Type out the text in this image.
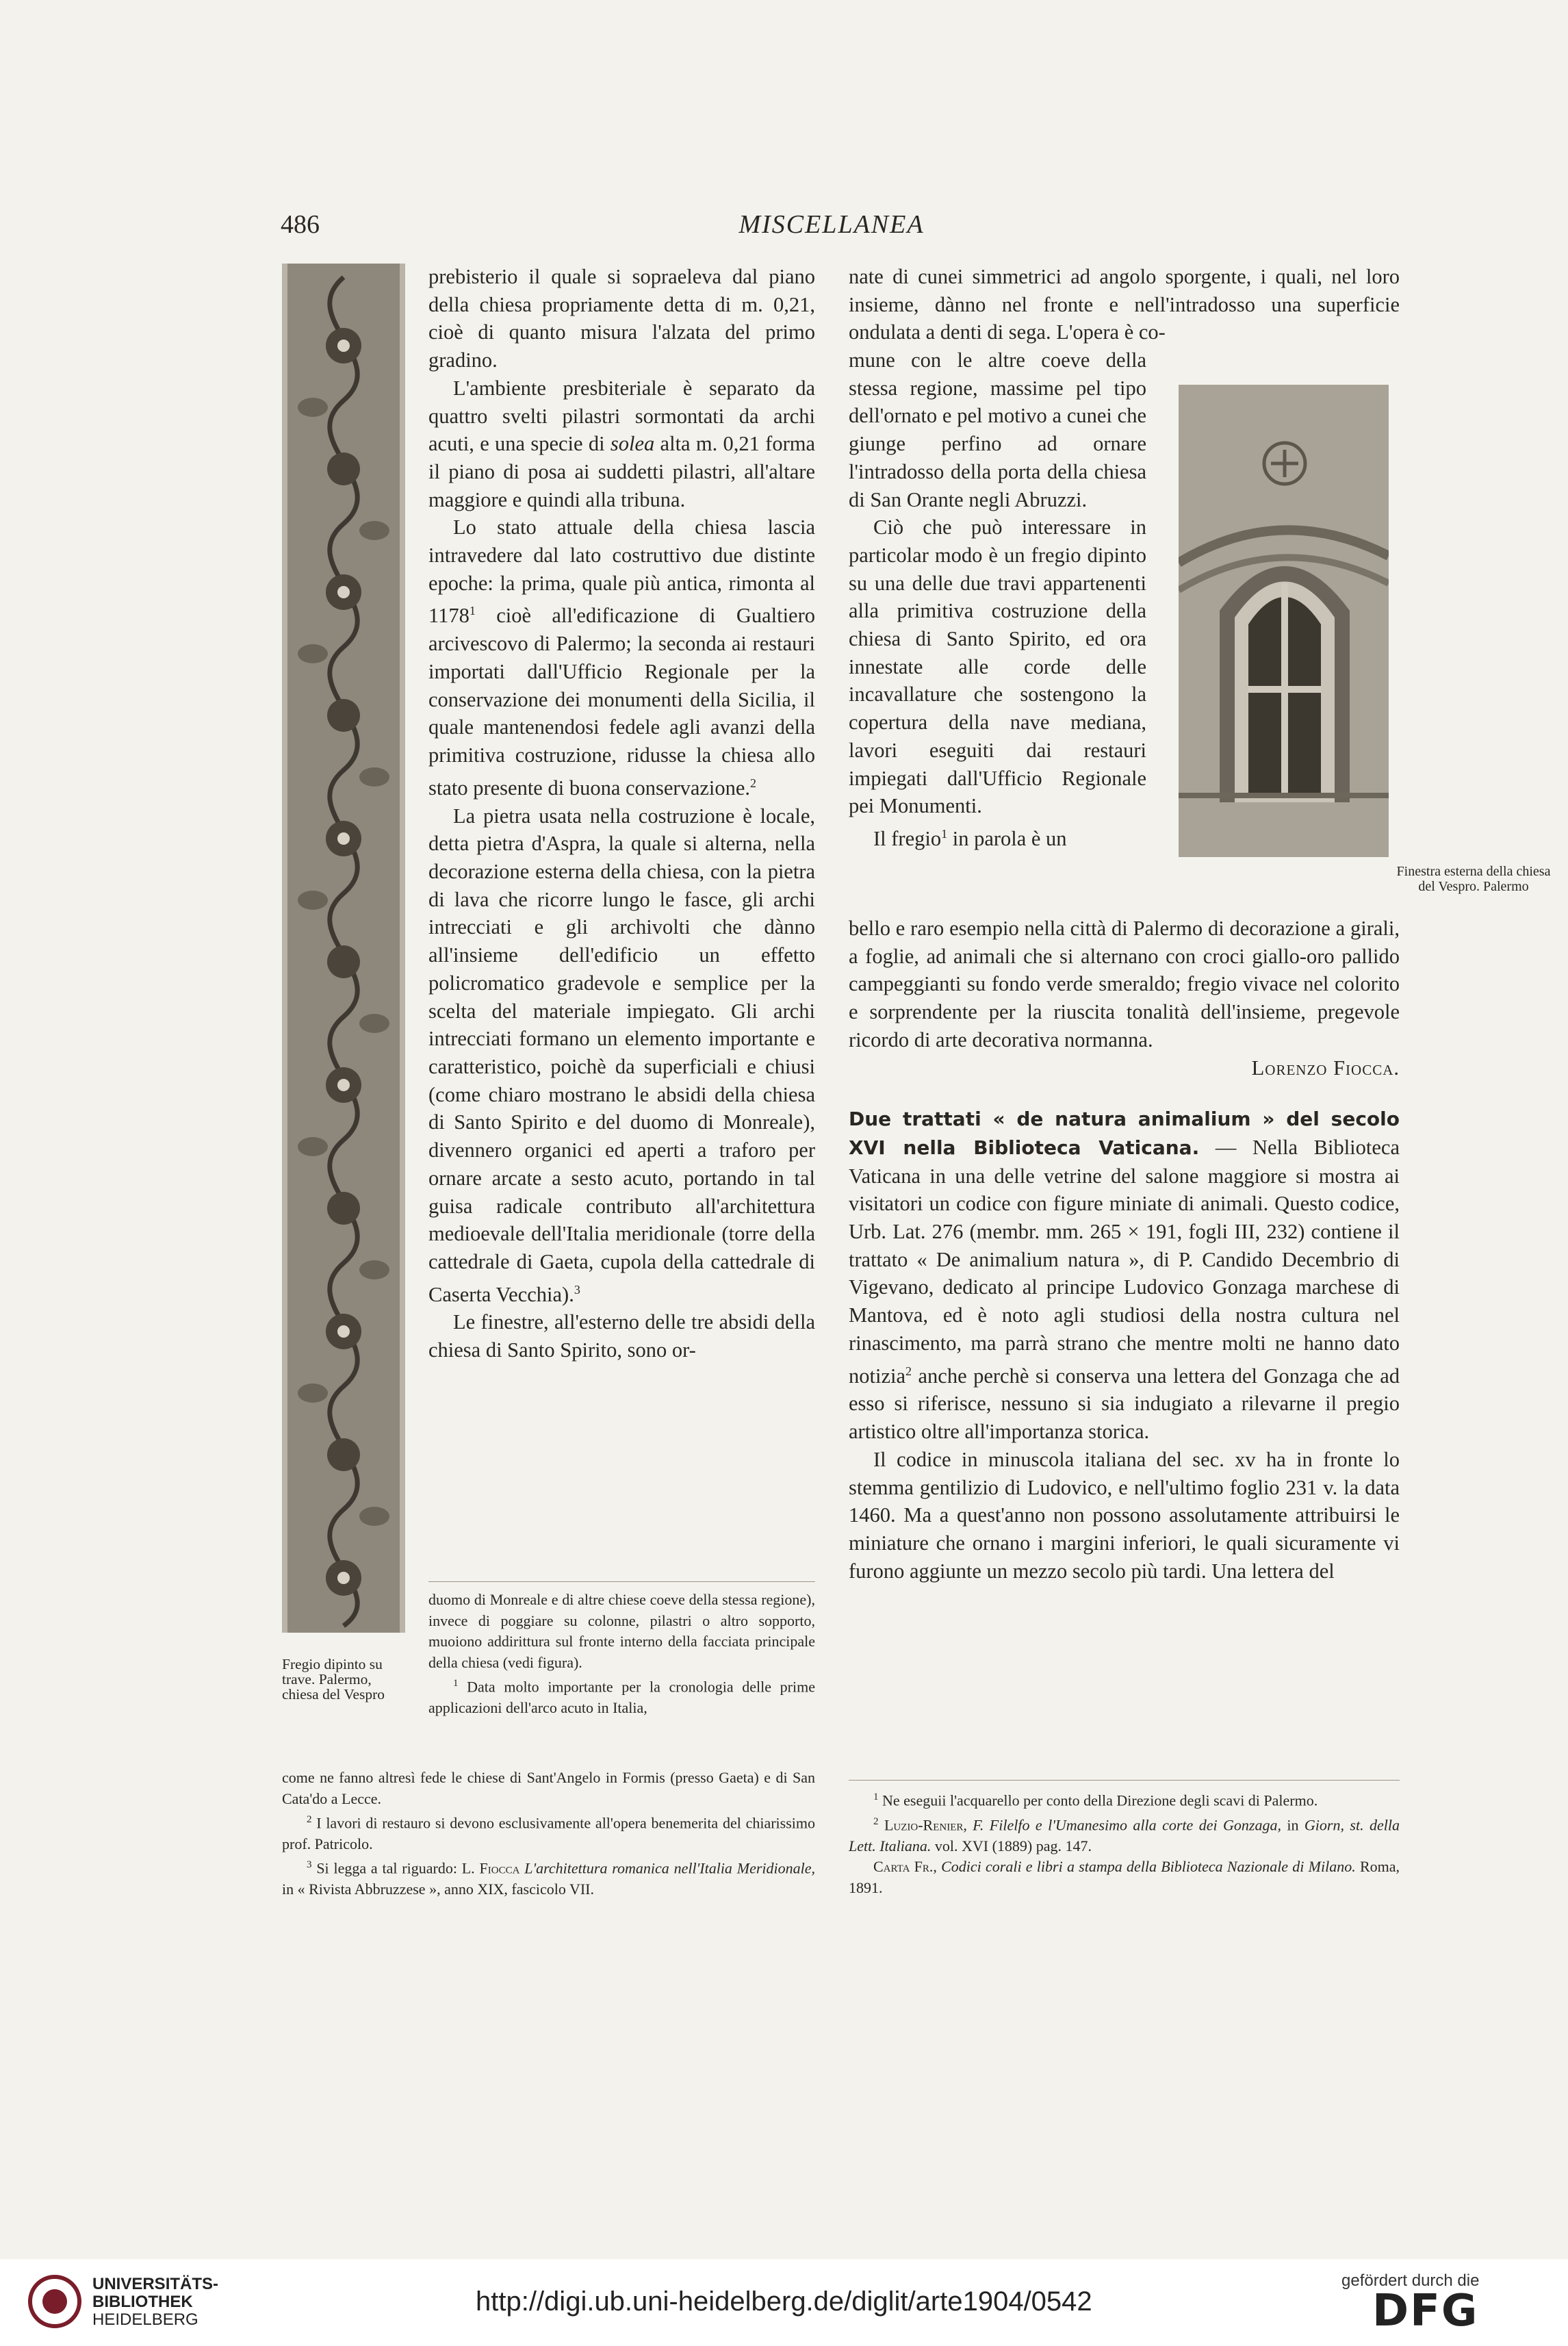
486	MISCELLANEA
Fregio dipinto su trave. Palermo, chiesa del Vespro

prebisterio il quale si sopraeleva dal piano della chiesa propriamente detta di m. 0,21, cioè di quanto misura l'alzata del primo gradino.

L'ambiente presbiteriale è separato da quattro svelti pilastri sormontati da archi acuti, e una specie di solea alta m. 0,21 forma il piano di posa ai suddetti pilastri, all'altare maggiore e quindi alla tribuna.

Lo stato attuale della chiesa lascia intravedere dal lato costruttivo due distinte epoche: la prima, quale più antica, rimonta al 1178$^1$ cioè all'edificazione di Gualtiero arcivescovo di Palermo; la seconda ai restauri importati dall'Ufficio Regionale per la conservazione dei monumenti della Sicilia, il quale mantenendosi fedele agli avanzi della primitiva costruzione, ridusse la chiesa allo stato presente di buona conservazione.$^2$

La pietra usata nella costruzione è locale, detta pietra d'Aspra, la quale si alterna, nella decorazione esterna della chiesa, con la pietra di lava che ricorre lungo le fasce, gli archi intrecciati e gli archivolti che dànno all'insieme dell'edificio un effetto policromatico gradevole e semplice per la scelta del materiale impiegato. Gli archi intrecciati formano un elemento importante e caratteristico, poichè da superficiali e chiusi (come chiaro mostrano le absidi della chiesa di Santo Spirito e del duomo di Monreale), divennero organici ed aperti a traforo per ornare arcate a sesto acuto, portando in tal guisa radicale contributo all'architettura medioevale dell'Italia meridionale (torre della cattedrale di Gaeta, cupola della cattedrale di Caserta Vecchia).$^3$

Le finestre, all'esterno delle tre absidi della chiesa di Santo Spirito, sono or-

duomo di Monreale e di altre chiese coeve della stessa regione), invece di poggiare su colonne, pilastri o altro sopporto, muoiono addirittura sul fronte interno della facciata principale della chiesa (vedi figura).

$^1$ Data molto importante per la cronologia delle prime applicazioni dell'arco acuto in Italia,

come ne fanno altresì fede le chiese di Sant'Angelo in Formis (presso Gaeta) e di San Cata'do a Lecce.

$^2$ I lavori di restauro si devono esclusivamente all'opera benemerita del chiarissimo prof. Patricolo.

$^3$ Si legga a tal riguardo: L. Fiocca L'architettura romanica nell'Italia Meridionale, in « Rivista Abbruzzese », anno XIX, fascicolo VII.

Finestra esterna della chiesa del Vespro. Palermo

nate di cunei simmetrici ad angolo sporgente, i quali, nel loro insieme, dànno nel fronte e nell'intradosso una superficie ondulata a denti di sega. L'opera è co-

mune con le altre coeve della stessa regione, massime pel tipo dell'ornato e pel motivo a cunei che giunge perfino ad ornare l'intradosso della porta della chiesa di San Orante negli Abruzzi.

Ciò che può interessare in particolar modo è un fregio dipinto su una delle due travi appartenenti alla primitiva costruzione della chiesa di Santo Spirito, ed ora innestate alle corde delle incavallature che sostengono la copertura della nave mediana, lavori eseguiti dai restauri impiegati dall'Ufficio Regionale pei Monumenti.

Il fregio$^1$ in parola è un

bello e raro esempio nella città di Palermo di decorazione a girali, a foglie, ad animali che si alternano con croci giallo-oro pallido campeggianti su fondo verde smeraldo; fregio vivace nel colorito e sorprendente per la riuscita tonalità dell'insieme, pregevole ricordo di arte decorativa normanna.

Lorenzo Fiocca.

Due trattati « de natura animalium » del secolo XVI nella Biblioteca Vaticana. — Nella Biblioteca Vaticana in una delle vetrine del salone maggiore si mostra ai visitatori un codice con figure miniate di animali. Questo codice, Urb. Lat. 276 (membr. mm. 265 × 191, fogli III, 232) contiene il trattato « De animalium natura », di P. Candido Decembrio di Vigevano, dedicato al principe Ludovico Gonzaga marchese di Mantova, ed è noto agli studiosi della nostra cultura nel rinascimento, ma parrà strano che mentre molti ne hanno dato notizia$^2$ anche perchè si conserva una lettera del Gonzaga che ad esso si riferisce, nessuno si sia indugiato a rilevarne il pregio artistico oltre all'importanza storica.

Il codice in minuscola italiana del sec. xv ha in fronte lo stemma gentilizio di Ludovico, e nell'ultimo foglio 231 v. la data 1460. Ma a quest'anno non possono assolutamente attribuirsi le miniature che ornano i margini inferiori, le quali sicuramente vi furono aggiunte un mezzo secolo più tardi. Una lettera del

$^1$ Ne eseguii l'acquarello per conto della Direzione degli scavi di Palermo.

$^2$ Luzio-Renier, F. Filelfo e l'Umanesimo alla corte dei Gonzaga, in Giorn, st. della Lett. Italiana. vol. XVI (1889) pag. 147.

Carta Fr., Codici corali e libri a stampa della Biblioteca Nazionale di Milano. Roma, 1891.

UNIVERSITÄTS-
BIBLIOTHEK
HEIDELBERG
http://digi.ub.uni-heidelberg.de/diglit/arte1904/0542
gefördert durch die
DFG
